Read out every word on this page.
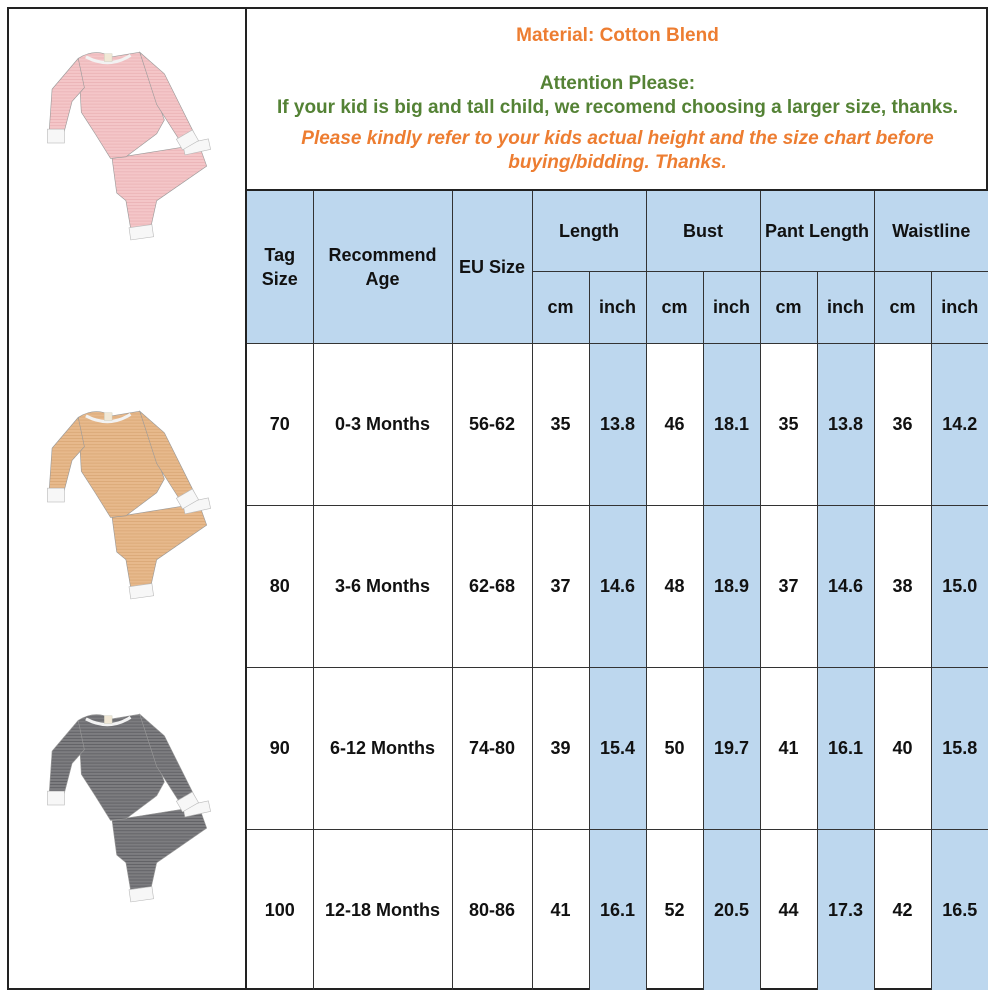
Material: Cotton Blend
Attention Please:
If your kid is big and tall child, we recomend choosing a larger size, thanks.
Please kindly refer to your kids actual height and the size chart before
buying/bidding. Thanks.
Tag Size	Recommend Age	EU Size	Length		Bust		Pant Length		Waistline	
			cm	inch	cm	inch	cm	inch	cm	inch
70	0-3 Months	56-62	35	13.8	46	18.1	35	13.8	36	14.2
80	3-6 Months	62-68	37	14.6	48	18.9	37	14.6	38	15.0
90	6-12 Months	74-80	39	15.4	50	19.7	41	16.1	40	15.8
100	12-18 Months	80-86	41	16.1	52	20.5	44	17.3	42	16.5
